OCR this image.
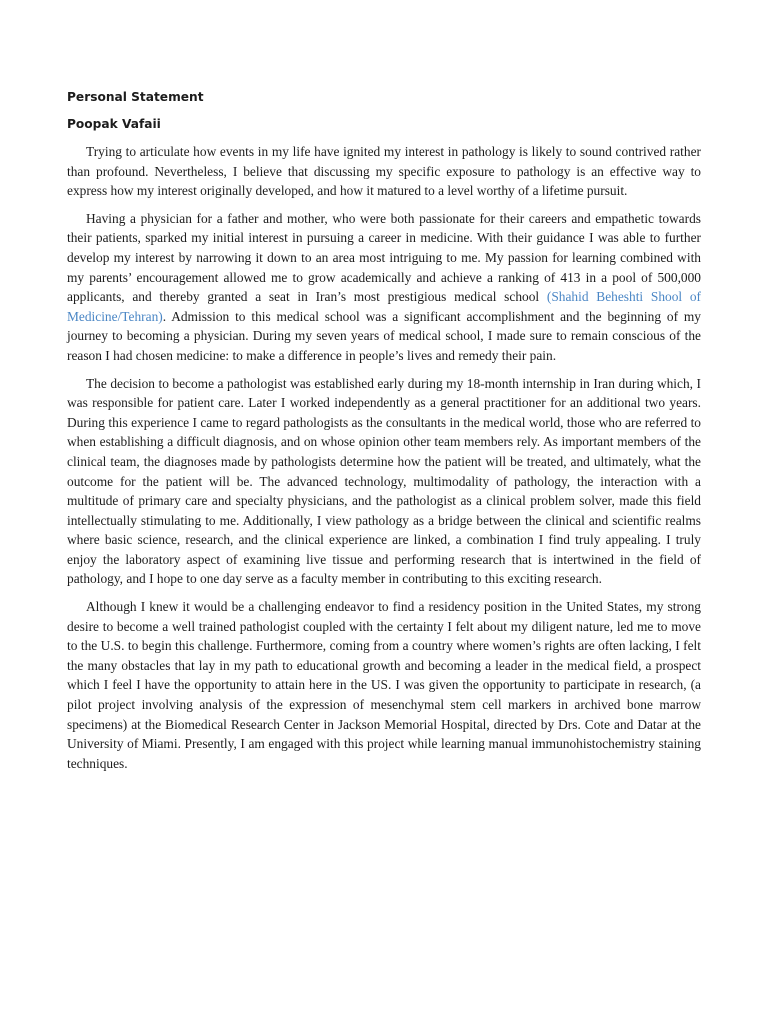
Personal Statement
Poopak Vafaii

Trying to articulate how events in my life have ignited my interest in pathology is likely to sound contrived rather than profound. Nevertheless, I believe that discussing my specific exposure to pathology is an effective way to express how my interest originally developed, and how it matured to a level worthy of a lifetime pursuit.

Having a physician for a father and mother, who were both passionate for their careers and empathetic towards their patients, sparked my initial interest in pursuing a career in medicine. With their guidance I was able to further develop my interest by narrowing it down to an area most intriguing to me. My passion for learning combined with my parents’ encouragement allowed me to grow academically and achieve a ranking of 413 in a pool of 500,000 applicants, and thereby granted a seat in Iran’s most prestigious medical school (Shahid Beheshti Shool of Medicine/Tehran). Admission to this medical school was a significant accomplishment and the beginning of my journey to becoming a physician. During my seven years of medical school, I made sure to remain conscious of the reason I had chosen medicine: to make a difference in people’s lives and remedy their pain.

The decision to become a pathologist was established early during my 18-month internship in Iran during which, I was responsible for patient care. Later I worked independently as a general practitioner for an additional two years. During this experience I came to regard pathologists as the consultants in the medical world, those who are referred to when establishing a difficult diagnosis, and on whose opinion other team members rely. As important members of the clinical team, the diagnoses made by pathologists determine how the patient will be treated, and ultimately, what the outcome for the patient will be. The advanced technology, multimodality of pathology, the interaction with a multitude of primary care and specialty physicians, and the pathologist as a clinical problem solver, made this field intellectually stimulating to me. Additionally, I view pathology as a bridge between the clinical and scientific realms where basic science, research, and the clinical experience are linked, a combination I find truly appealing. I truly enjoy the laboratory aspect of examining live tissue and performing research that is intertwined in the field of pathology, and I hope to one day serve as a faculty member in contributing to this exciting research.

Although I knew it would be a challenging endeavor to find a residency position in the United States, my strong desire to become a well trained pathologist coupled with the certainty I felt about my diligent nature, led me to move to the U.S. to begin this challenge. Furthermore, coming from a country where women’s rights are often lacking, I felt the many obstacles that lay in my path to educational growth and becoming a leader in the medical field, a prospect which I feel I have the opportunity to attain here in the US. I was given the opportunity to participate in research, (a pilot project involving analysis of the expression of mesenchymal stem cell markers in archived bone marrow specimens) at the Biomedical Research Center in Jackson Memorial Hospital, directed by Drs. Cote and Datar at the University of Miami. Presently, I am engaged with this project while learning manual immunohistochemistry staining techniques.
